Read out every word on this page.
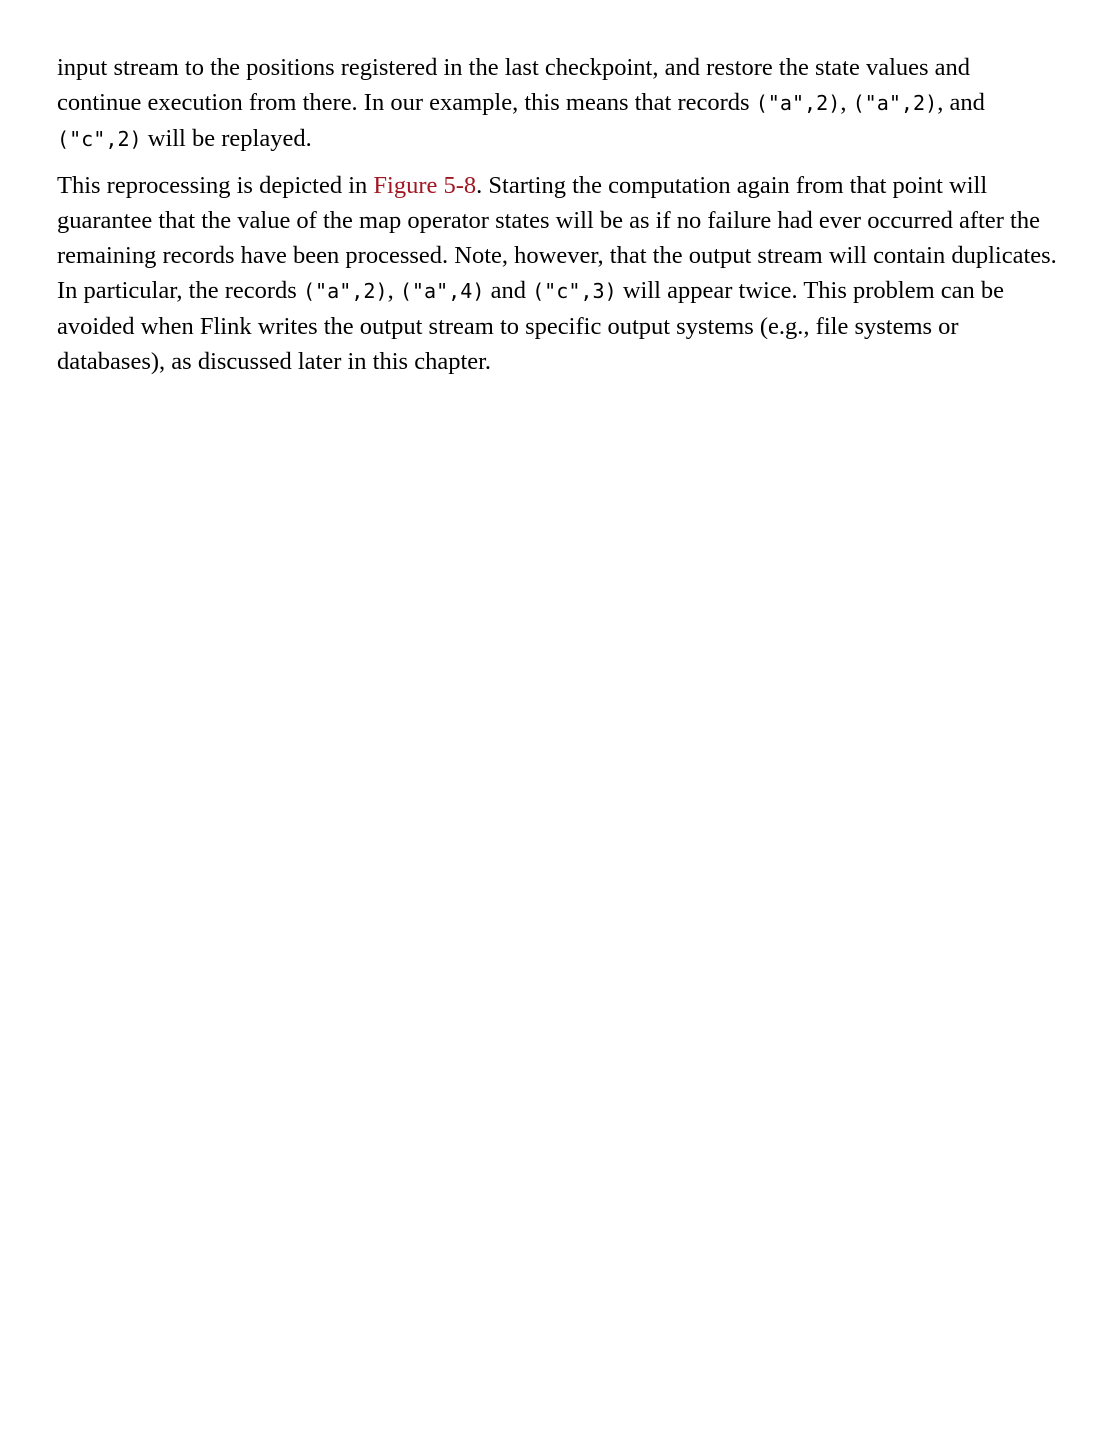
input stream to the positions registered in the last checkpoint, and restore the state values and continue execution from there. In our example, this means that records ("a",2), ("a",2), and ("c",2) will be replayed.

This reprocessing is depicted in Figure 5-8. Starting the computation again from that point will guarantee that the value of the map operator states will be as if no failure had ever occurred after the remaining records have been processed. Note, however, that the output stream will contain duplicates. In particular, the records ("a",2), ("a",4) and ("c",3) will appear twice. This problem can be avoided when Flink writes the output stream to specific output systems (e.g., file systems or databases), as discussed later in this chapter.
